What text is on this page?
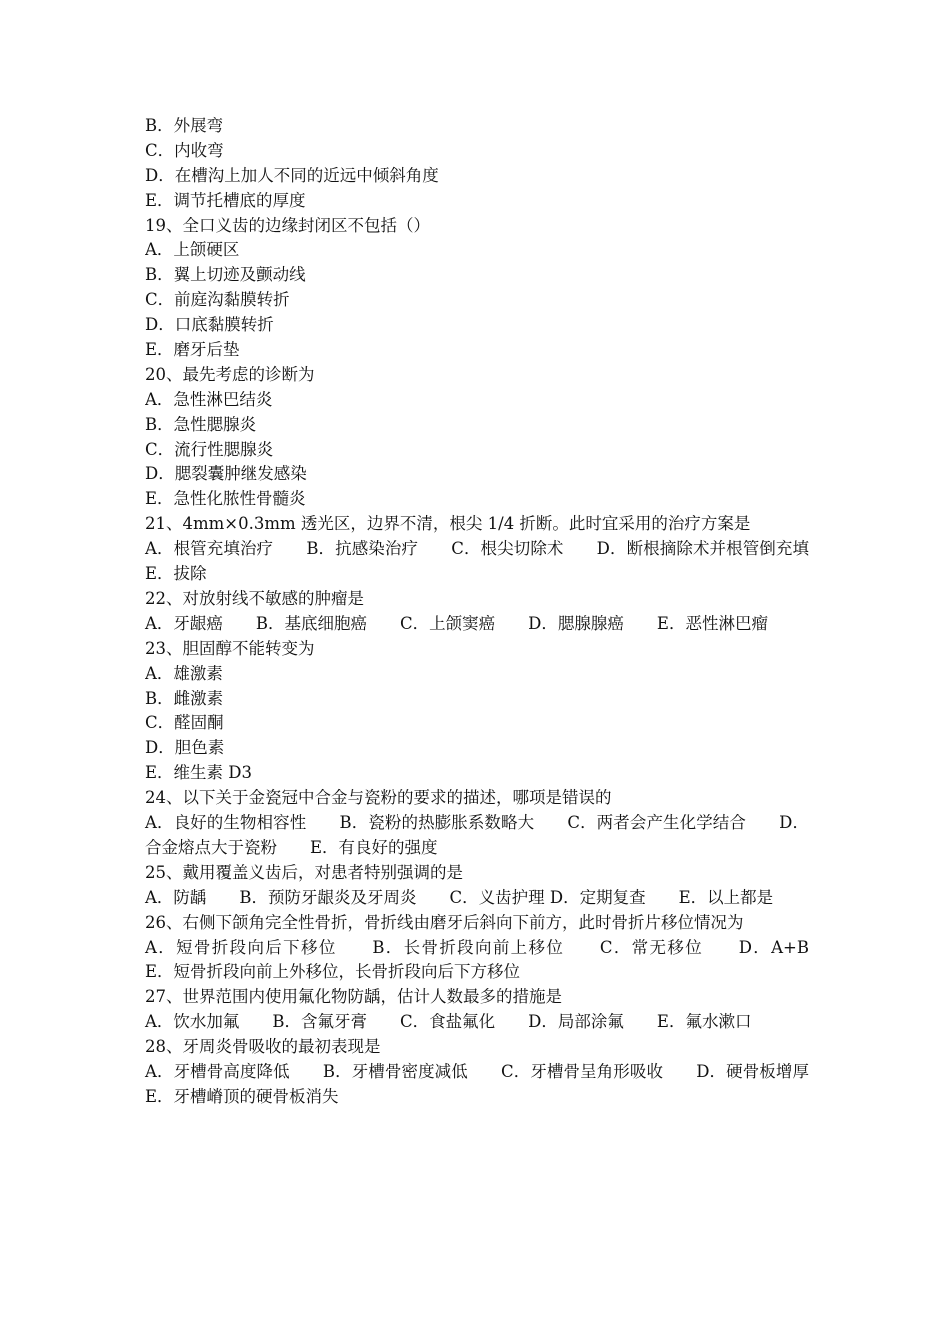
B．外展弯
C．内收弯
D．在槽沟上加人不同的近远中倾斜角度
E．调节托槽底的厚度
19、全口义齿的边缘封闭区不包括（）
A．上颌硬区
B．翼上切迹及颤动线
C．前庭沟黏膜转折
D．口底黏膜转折
E．磨牙后垫
20、最先考虑的诊断为
A．急性淋巴结炎
B．急性腮腺炎
C．流行性腮腺炎
D．腮裂囊肿继发感染
E．急性化脓性骨髓炎
21、4mm×0.3mm 透光区，边界不清，根尖 1/4 折断。此时宜采用的治疗方案是
A．根管充填治疗　　B．抗感染治疗　　C．根尖切除术　　D．断根摘除术并根管倒充填　　E．拔除
22、对放射线不敏感的肿瘤是
A．牙龈癌　　B．基底细胞癌　　C．上颌窦癌　　D．腮腺腺癌　　E．恶性淋巴瘤
23、胆固醇不能转变为
A．雄激素
B．雌激素
C．醛固酮
D．胆色素
E．维生素 D3
24、以下关于金瓷冠中合金与瓷粉的要求的描述，哪项是错误的
A．良好的生物相容性　　B．瓷粉的热膨胀系数略大　　C．两者会产生化学结合　　D．合金熔点大于瓷粉　　E．有良好的强度
25、戴用覆盖义齿后，对患者特别强调的是
A．防龋　　B．预防牙龈炎及牙周炎　　C．义齿护理 D．定期复查　　E．以上都是
26、右侧下颌角完全性骨折，骨折线由磨牙后斜向下前方，此时骨折片移位情况为
A．短骨折段向后下移位　　B．长骨折段向前上移位　　C．常无移位　　D．A+B　　E．短骨折段向前上外移位，长骨折段向后下方移位
27、世界范围内使用氟化物防龋，估计人数最多的措施是
A．饮水加氟　　B．含氟牙膏　　C．食盐氟化　　D．局部涂氟　　E．氟水漱口
28、牙周炎骨吸收的最初表现是
A．牙槽骨高度降低　　B．牙槽骨密度减低　　C．牙槽骨呈角形吸收　　D．硬骨板增厚　　E．牙槽嵴顶的硬骨板消失
